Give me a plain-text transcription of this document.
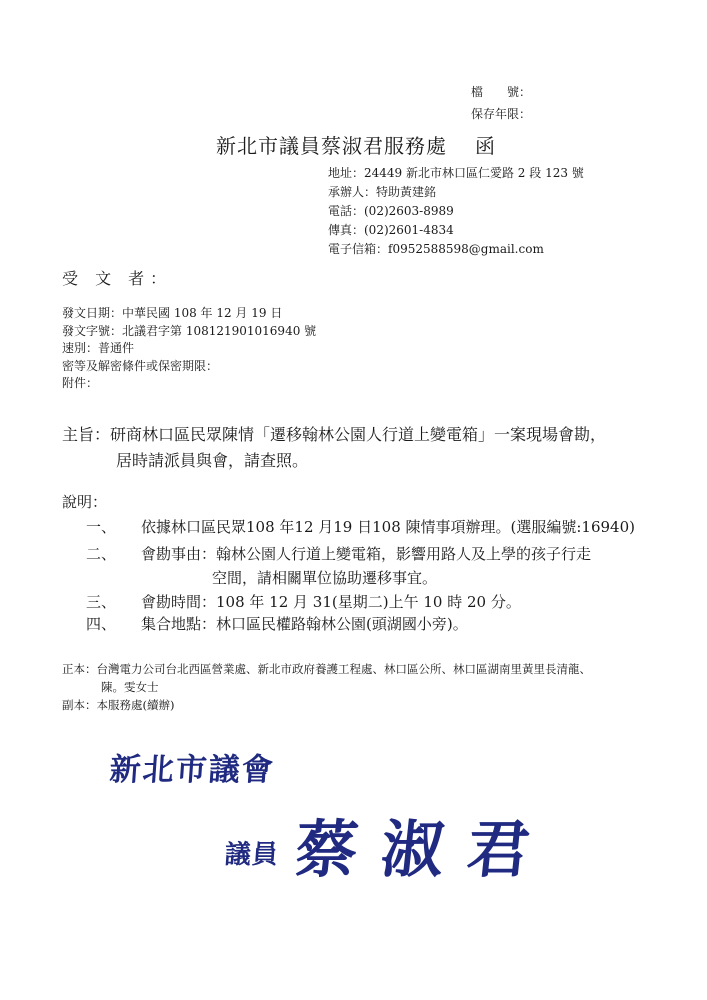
檔　　號：
保存年限：
新北市議員蔡淑君服務處 函
地址：24449 新北市林口區仁愛路 2 段 123 號
承辦人：特助黃建銘
電話：(02)2603-8989
傳真：(02)2601-4834
電子信箱：f0952588598@gmail.com
受 文 者：
發文日期：中華民國 108 年 12 月 19 日
發文字號：北議君字第 108121901016940 號
速別：普通件
密等及解密條件或保密期限：
附件：
主旨：研商林口區民眾陳情「遷移翰林公園人行道上變電箱」一案現場會勘，
居時請派員與會，請查照。
說明：
一、 依據林口區民眾108 年12 月19 日108 陳情事項辦理。(選服編號:16940)
二、 會勘事由：翰林公園人行道上變電箱，影響用路人及上學的孩子行走
空間，請相關單位協助遷移事宜。
三、 會勘時間：108 年 12 月 31(星期二)上午 10 時 20 分。
四、 集合地點：林口區民權路翰林公園(頭湖國小旁)。
正本：台灣電力公司台北西區營業處、新北市政府養護工程處、林口區公所、林口區湖南里黃里長清龍、
陳。雯女士
副本：本服務處(續辦)
新北市議會
議員 蔡 淑 君
